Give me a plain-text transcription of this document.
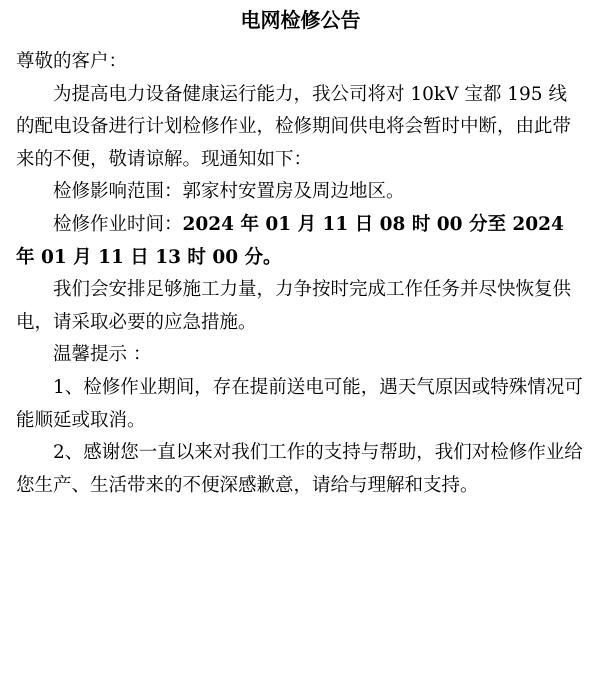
电网检修公告

尊敬的客户：

为提高电力设备健康运行能力，我公司将对 10kV 宝都 195 线的配电设备进行计划检修作业，检修期间供电将会暂时中断，由此带来的不便，敬请谅解。现通知如下：

检修影响范围：郭家村安置房及周边地区。

检修作业时间：2024 年 01 月 11 日 08 时 00 分至 2024 年 01 月 11 日 13 时 00 分。

我们会安排足够施工力量，力争按时完成工作任务并尽快恢复供电，请采取必要的应急措施。

温馨提示 ：

1、检修作业期间，存在提前送电可能，遇天气原因或特殊情况可能顺延或取消。

2、感谢您一直以来对我们工作的支持与帮助，我们对检修作业给您生产、生活带来的不便深感歉意，请给与理解和支持。
